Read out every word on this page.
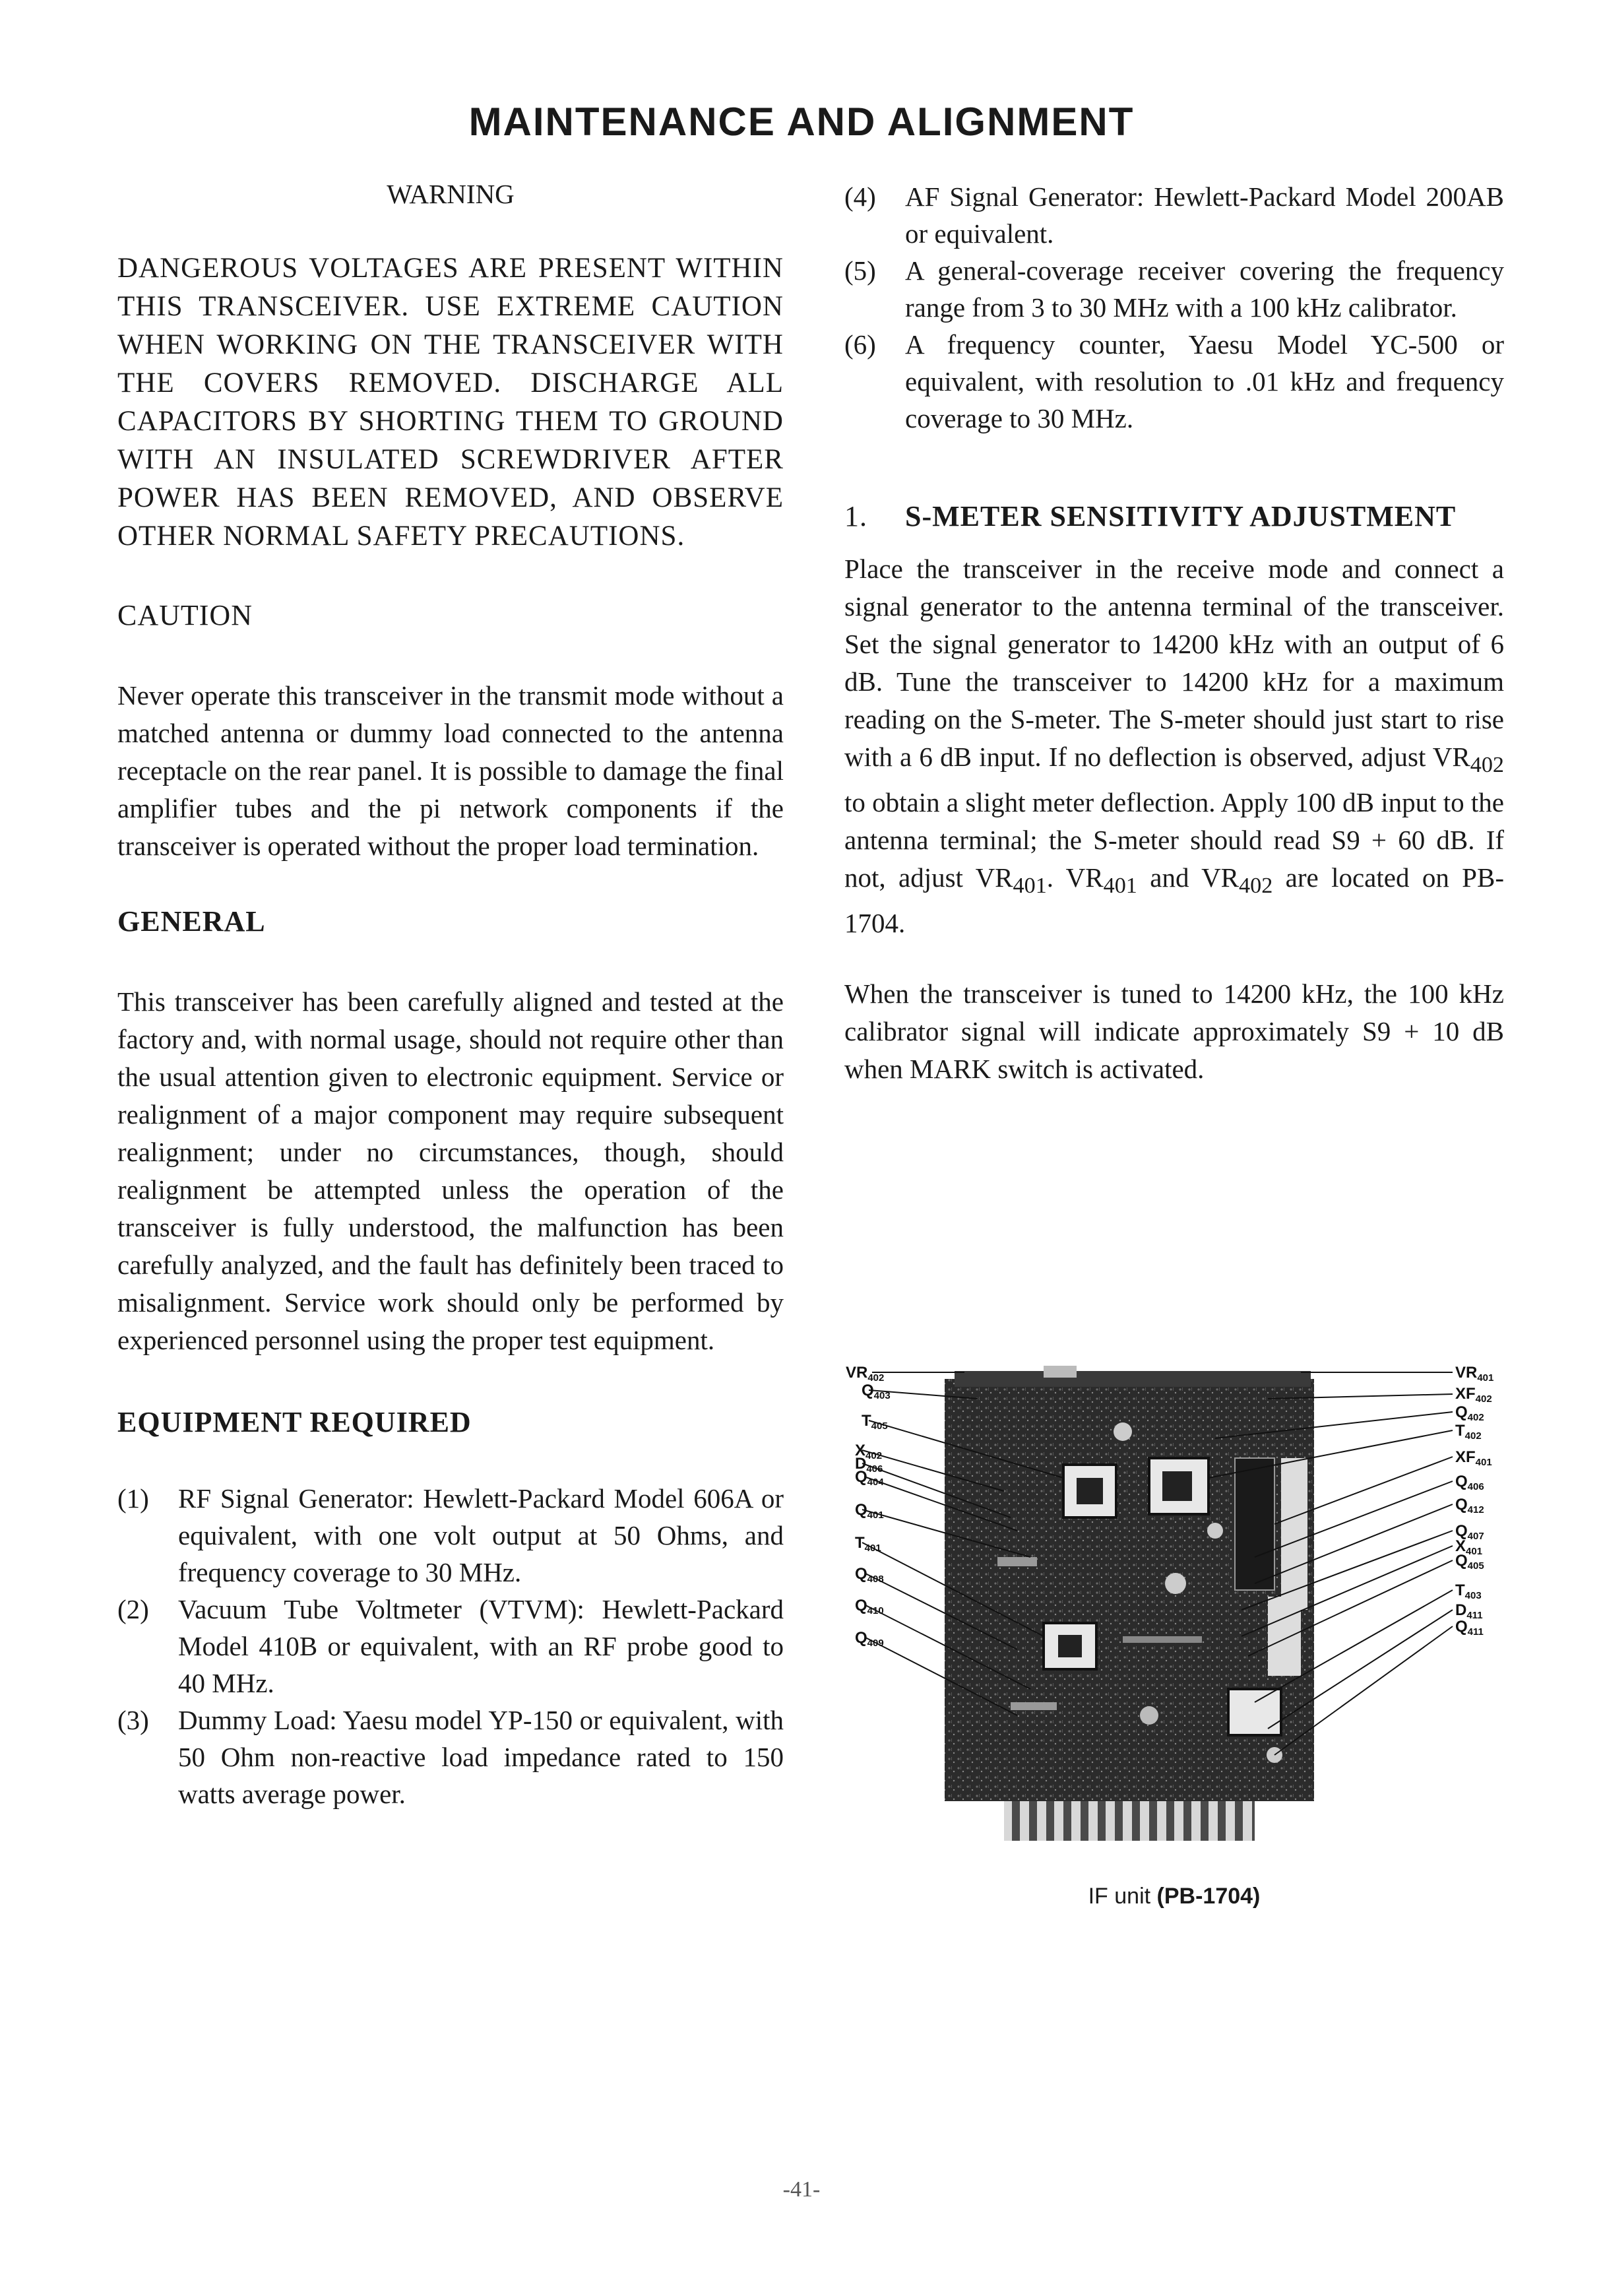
MAINTENANCE AND ALIGNMENT

WARNING

DANGEROUS VOLTAGES ARE PRESENT WITHIN THIS TRANSCEIVER. USE EXTREME CAUTION WHEN WORKING ON THE TRANSCEIVER WITH THE COVERS REMOVED. DISCHARGE ALL CAPACITORS BY SHORTING THEM TO GROUND WITH AN INSULATED SCREWDRIVER AFTER POWER HAS BEEN REMOVED, AND OBSERVE OTHER NORMAL SAFETY PRECAUTIONS.

CAUTION

Never operate this transceiver in the transmit mode without a matched antenna or dummy load connected to the antenna receptacle on the rear panel. It is possible to damage the final amplifier tubes and the pi network components if the transceiver is operated without the proper load termination.

GENERAL

This transceiver has been carefully aligned and tested at the factory and, with normal usage, should not require other than the usual attention given to electronic equipment. Service or realignment of a major component may require subsequent realignment; under no circumstances, though, should realignment be attempted unless the operation of the transceiver is fully understood, the malfunction has been carefully analyzed, and the fault has definitely been traced to misalignment. Service work should only be performed by experienced personnel using the proper test equipment.

EQUIPMENT REQUIRED

(1) RF Signal Generator: Hewlett-Packard Model 606A or equivalent, with one volt output at 50 Ohms, and frequency coverage to 30 MHz.
(2) Vacuum Tube Voltmeter (VTVM): Hewlett-Packard Model 410B or equivalent, with an RF probe good to 40 MHz.
(3) Dummy Load: Yaesu model YP-150 or equivalent, with 50 Ohm non-reactive load impedance rated to 150 watts average power.
(4) AF Signal Generator: Hewlett-Packard Model 200AB or equivalent.
(5) A general-coverage receiver covering the frequency range from 3 to 30 MHz with a 100 kHz calibrator.
(6) A frequency counter, Yaesu Model YC-500 or equivalent, with resolution to .01 kHz and frequency coverage to 30 MHz.

1. S-METER SENSITIVITY ADJUSTMENT

Place the transceiver in the receive mode and connect a signal generator to the antenna terminal of the transceiver. Set the signal generator to 14200 kHz with an output of 6 dB. Tune the transceiver to 14200 kHz for a maximum reading on the S-meter. The S-meter should just start to rise with a 6 dB input. If no deflection is observed, adjust $VR_{402}$ to obtain a slight meter deflection. Apply 100 dB input to the antenna terminal; the S-meter should read S9 + 60 dB. If not, adjust $VR_{401}$. $VR_{401}$ and $VR_{402}$ are located on PB-1704.

When the transceiver is tuned to 14200 kHz, the 100 kHz calibrator signal will indicate approximately S9 + 10 dB when MARK switch is activated.

$VR_{402}$
$Q_{403}$
$T_{405}$
$X_{402}$
$D_{406}$
$Q_{404}$
$Q_{401}$
$T_{401}$
$Q_{408}$
$Q_{410}$
$Q_{409}$
$VR_{401}$
$XF_{402}$
$Q_{402}$
$T_{402}$
$XF_{401}$
$Q_{406}$
$Q_{412}$
$Q_{407}$
$X_{401}$
$Q_{405}$
$T_{403}$
$D_{411}$
$Q_{411}$
IF unit (PB-1704)
-41-
